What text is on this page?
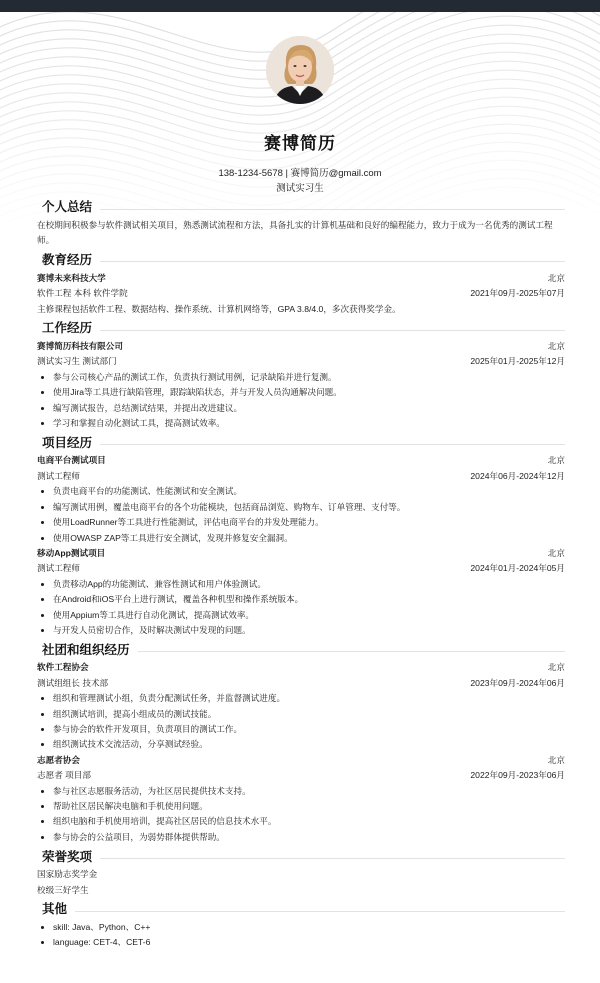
赛博简历
138-1234-5678 | 赛博简历@gmail.com
测试实习生
个人总结

在校期间积极参与软件测试相关项目，熟悉测试流程和方法，具备扎实的计算机基础和良好的编程能力，致力于成为一名优秀的测试工程师。

教育经历
赛博未来科技大学	北京
软件工程 本科 软件学院	2021年09月-2025年07月

主修课程包括软件工程、数据结构、操作系统、计算机网络等，GPA 3.8/4.0，多次获得奖学金。

工作经历
赛博简历科技有限公司	北京
测试实习生 测试部门	2025年01月-2025年12月
• 参与公司核心产品的测试工作，负责执行测试用例，记录缺陷并进行复测。
• 使用Jira等工具进行缺陷管理，跟踪缺陷状态，并与开发人员沟通解决问题。
• 编写测试报告，总结测试结果，并提出改进建议。
• 学习和掌握自动化测试工具，提高测试效率。
项目经历
电商平台测试项目	北京
测试工程师	2024年06月-2024年12月
• 负责电商平台的功能测试、性能测试和安全测试。
• 编写测试用例，覆盖电商平台的各个功能模块，包括商品浏览、购物车、订单管理、支付等。
• 使用LoadRunner等工具进行性能测试，评估电商平台的并发处理能力。
• 使用OWASP ZAP等工具进行安全测试，发现并修复安全漏洞。
移动App测试项目	北京
测试工程师	2024年01月-2024年05月
• 负责移动App的功能测试、兼容性测试和用户体验测试。
• 在Android和iOS平台上进行测试，覆盖各种机型和操作系统版本。
• 使用Appium等工具进行自动化测试，提高测试效率。
• 与开发人员密切合作，及时解决测试中发现的问题。
社团和组织经历
软件工程协会	北京
测试组组长 技术部	2023年09月-2024年06月
• 组织和管理测试小组，负责分配测试任务，并监督测试进度。
• 组织测试培训，提高小组成员的测试技能。
• 参与协会的软件开发项目，负责项目的测试工作。
• 组织测试技术交流活动，分享测试经验。
志愿者协会	北京
志愿者 项目部	2022年09月-2023年06月
• 参与社区志愿服务活动，为社区居民提供技术支持。
• 帮助社区居民解决电脑和手机使用问题。
• 组织电脑和手机使用培训，提高社区居民的信息技术水平。
• 参与协会的公益项目，为弱势群体提供帮助。
荣誉奖项
国家励志奖学金
校级三好学生
其他
• skill: Java、Python、C++
• language: CET-4、CET-6
